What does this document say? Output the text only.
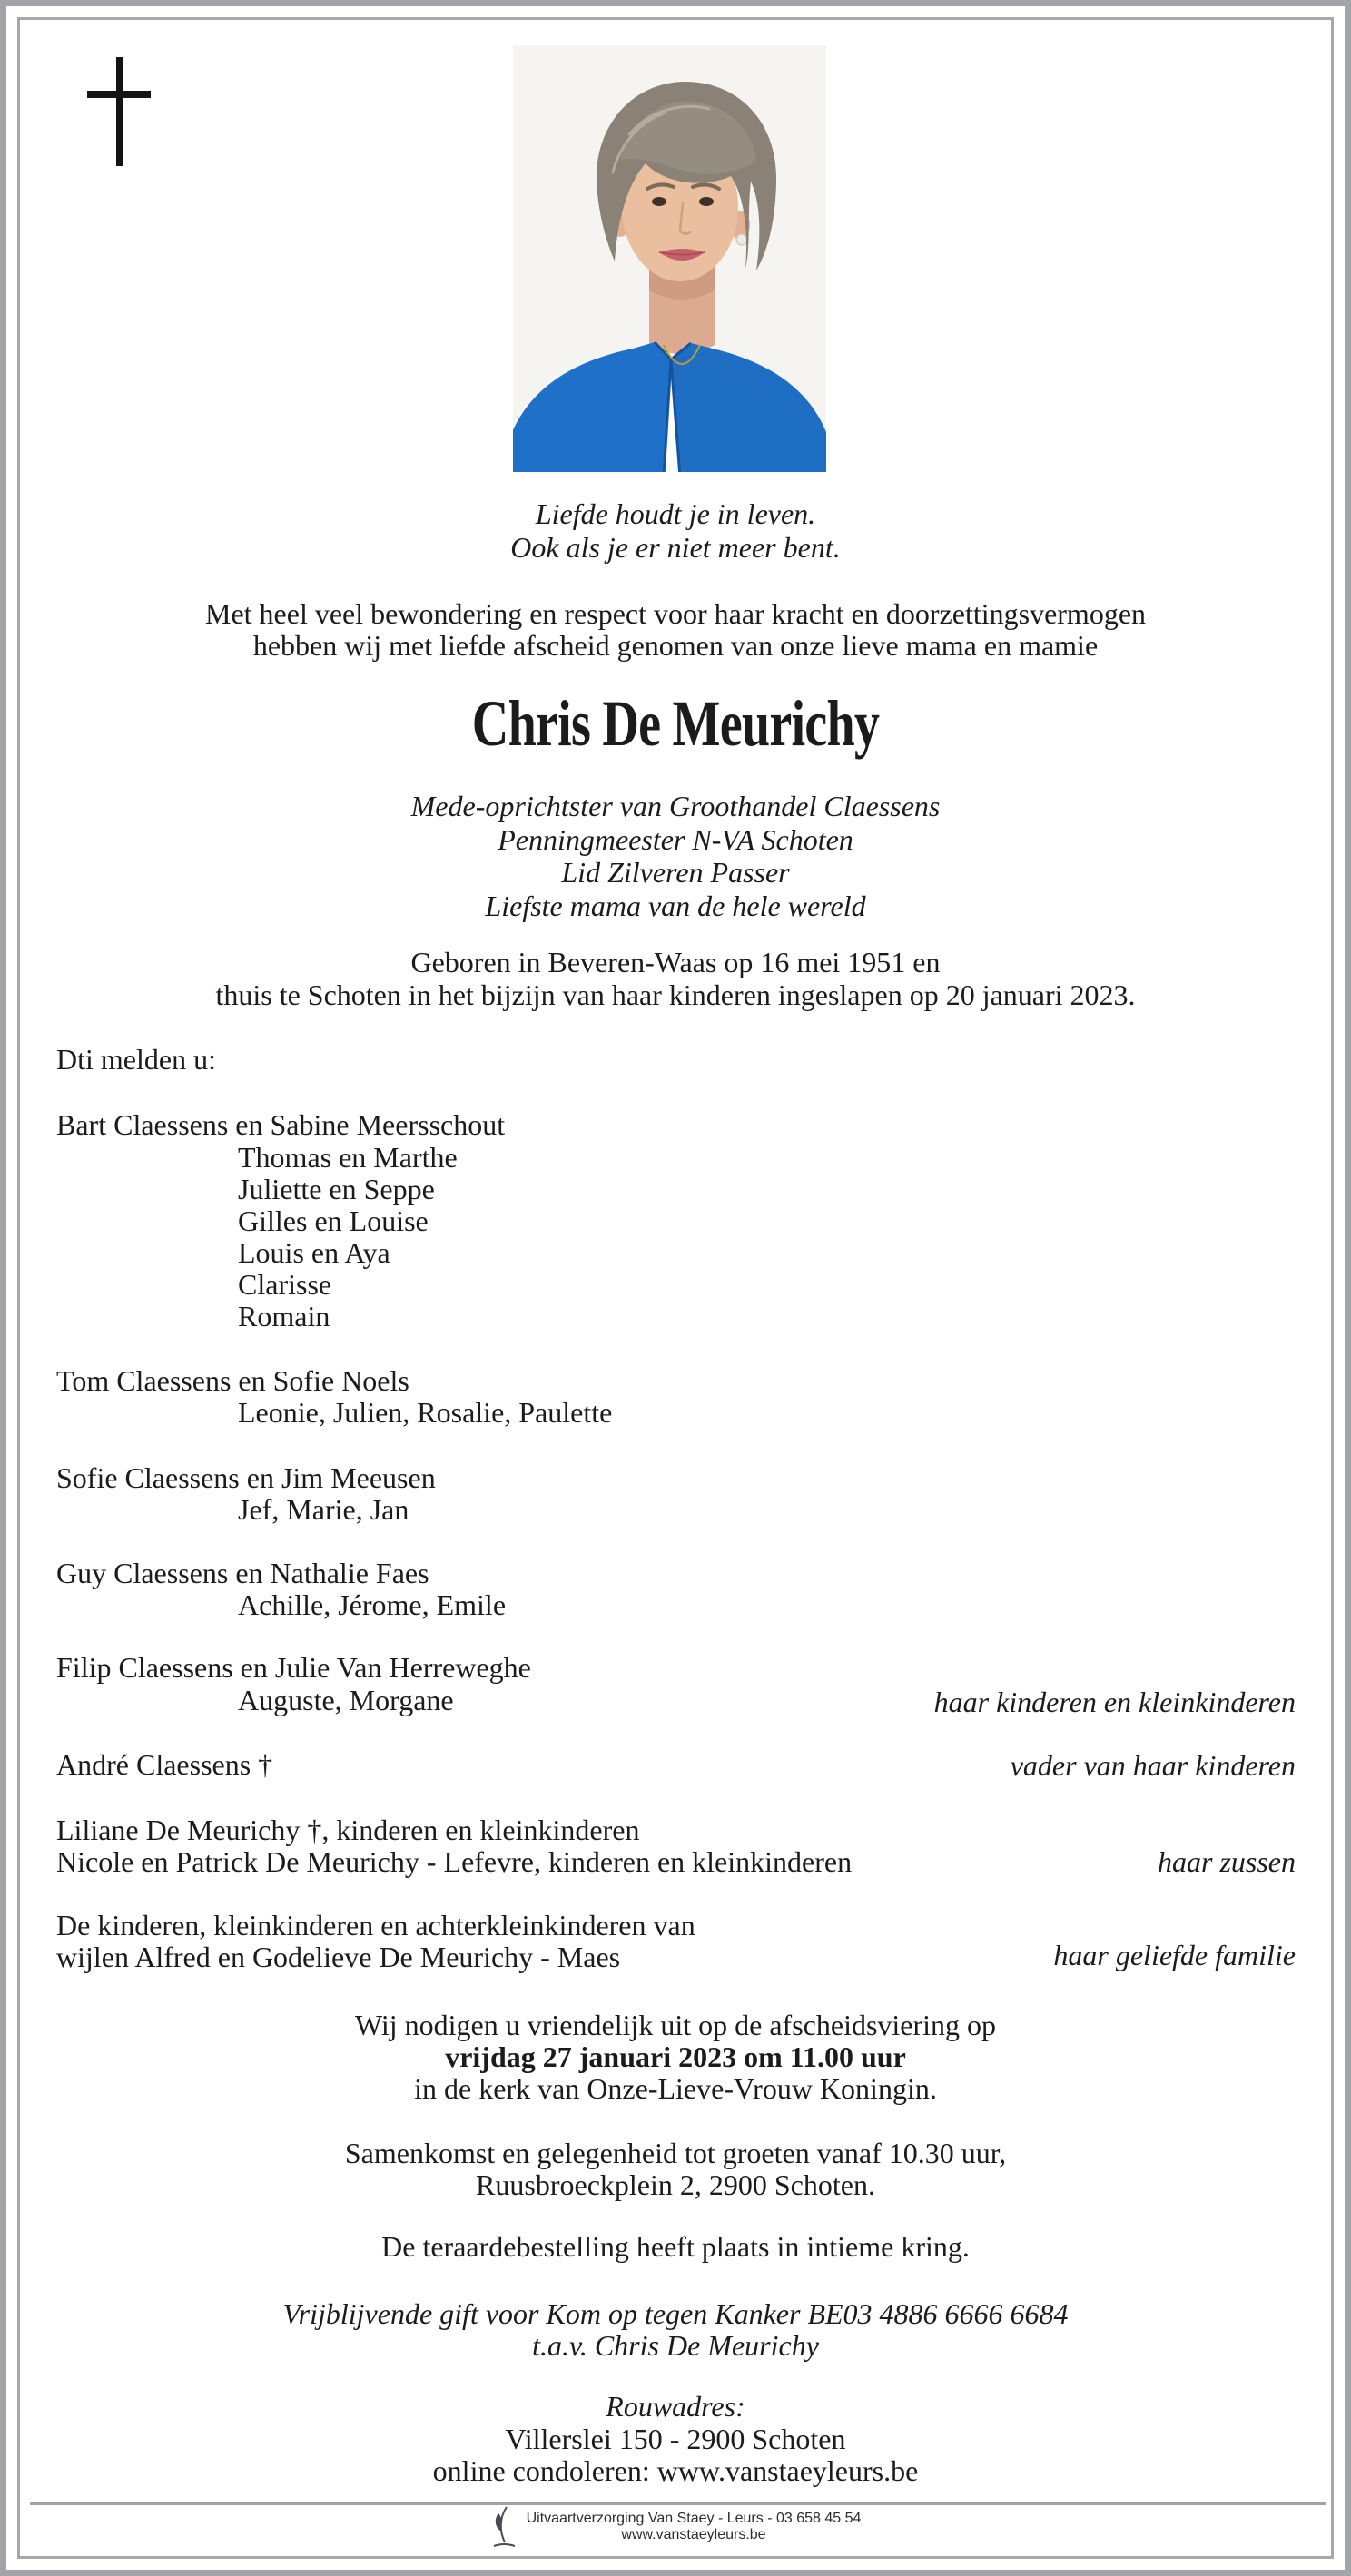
Liefde houdt je in leven.
Ook als je er niet meer bent.
Met heel veel bewondering en respect voor haar kracht en doorzettingsvermogen
hebben wij met liefde afscheid genomen van onze lieve mama en mamie
Chris De Meurichy
Mede-oprichtster van Groothandel Claessens
Penningmeester N-VA Schoten
Lid Zilveren Passer
Liefste mama van de hele wereld
Geboren in Beveren-Waas op 16 mei 1951 en
thuis te Schoten in het bijzijn van haar kinderen ingeslapen op 20 januari 2023.
Dti melden u:
Bart Claessens en Sabine Meersschout
Thomas en Marthe
Juliette en Seppe
Gilles en Louise
Louis en Aya
Clarisse
Romain
Tom Claessens en Sofie Noels
Leonie, Julien, Rosalie, Paulette
Sofie Claessens en Jim Meeusen
Jef, Marie, Jan
Guy Claessens en Nathalie Faes
Achille, Jérome, Emile
Filip Claessens en Julie Van Herreweghe
Auguste, Morgane	haar kinderen en kleinkinderen
André Claessens †	vader van haar kinderen
Liliane De Meurichy †, kinderen en kleinkinderen
Nicole en Patrick De Meurichy - Lefevre, kinderen en kleinkinderen	haar zussen
De kinderen, kleinkinderen en achterkleinkinderen van
wijlen Alfred en Godelieve De Meurichy - Maes	haar geliefde familie
Wij nodigen u vriendelijk uit op de afscheidsviering op
vrijdag 27 januari 2023 om 11.00 uur
in de kerk van Onze-Lieve-Vrouw Koningin.
Samenkomst en gelegenheid tot groeten vanaf 10.30 uur,
Ruusbroeckplein 2, 2900 Schoten.
De teraardebestelling heeft plaats in intieme kring.
Vrijblijvende gift voor Kom op tegen Kanker BE03 4886 6666 6684
t.a.v. Chris De Meurichy
Rouwadres:
Villerslei 150 - 2900 Schoten
online condoleren: www.vanstaeyleurs.be
Uitvaartverzorging Van Staey - Leurs - 03 658 45 54
www.vanstaeyleurs.be
